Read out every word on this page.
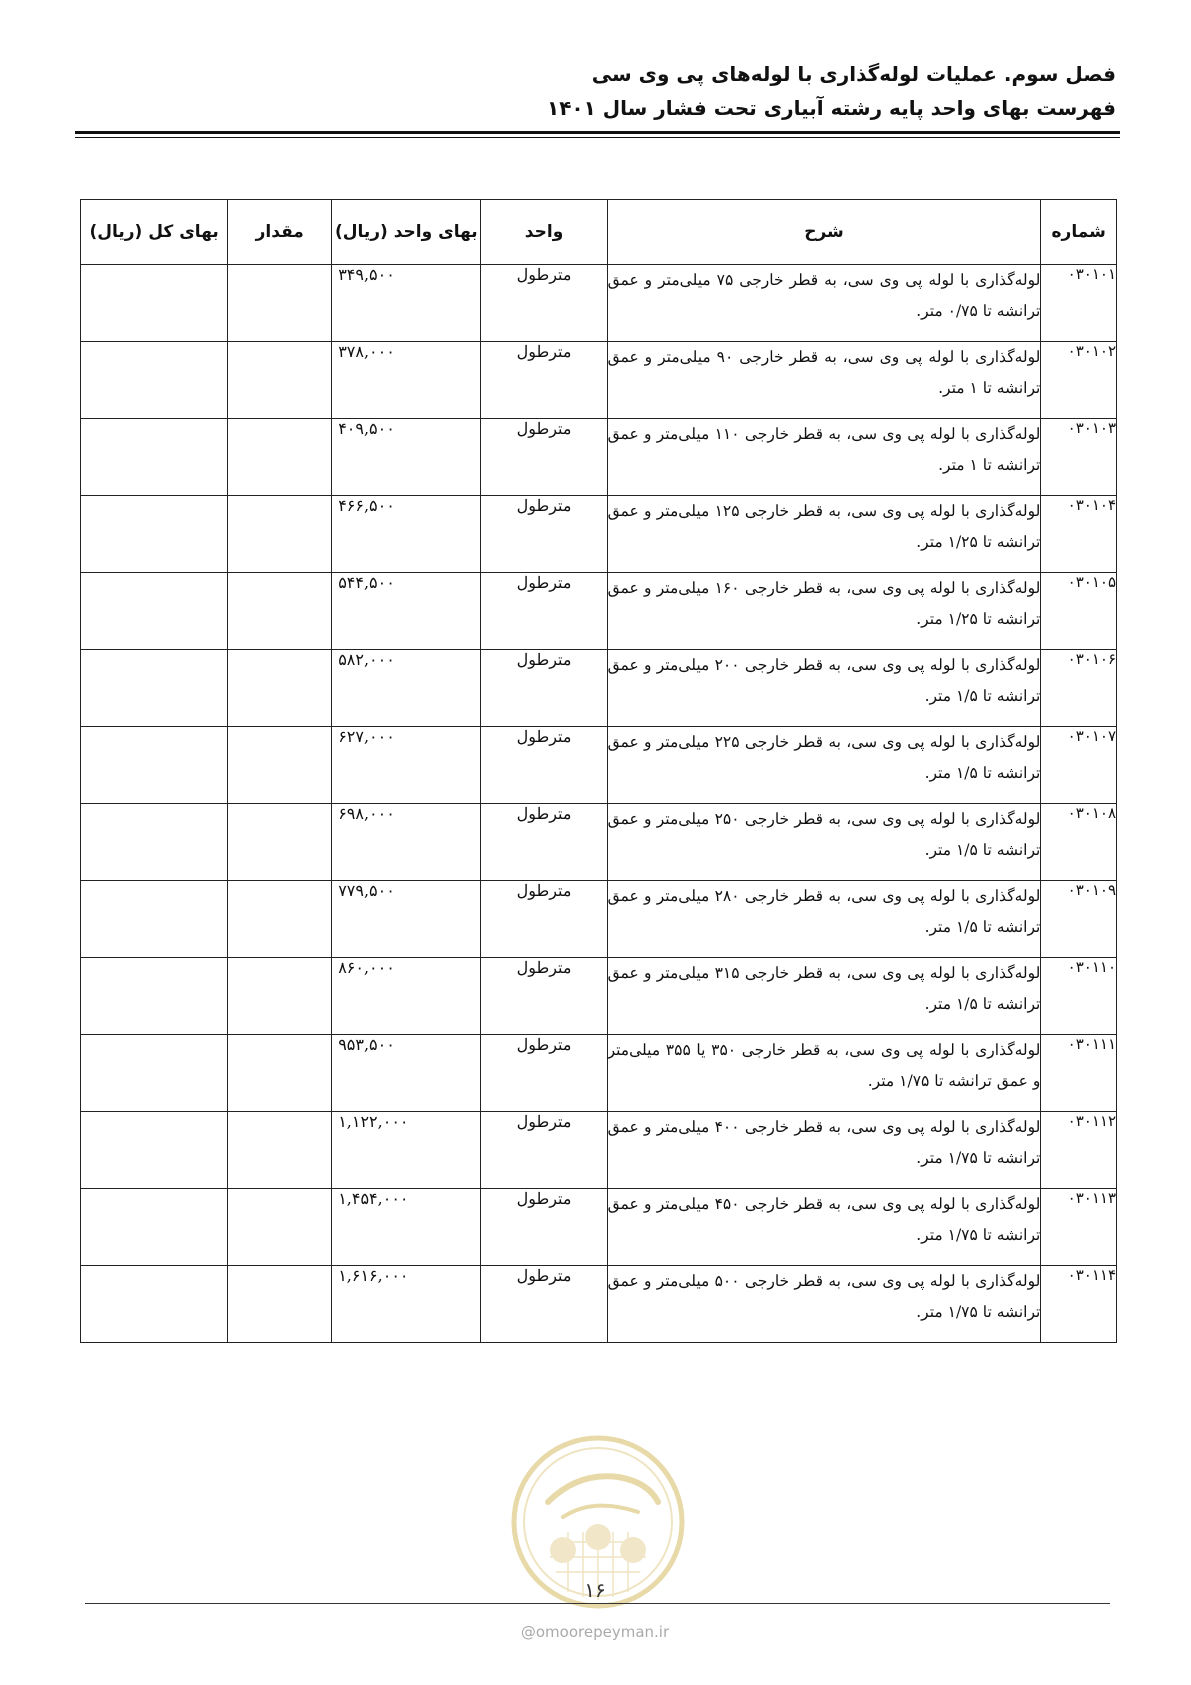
فصل سوم. عملیات لوله‌گذاری با لوله‌های پی وی سی
فهرست بهای واحد پایه رشته آبیاری تحت فشار سال ۱۴۰۱
شماره	شرح	واحد	بهای واحد (ریال)	مقدار	بهای کل (ریال)
۰۳۰۱۰۱	لوله‌گذاری با لوله پی وی سی، به قطر خارجی ۷۵ میلی‌متر و عمق ترانشه تا ۰/۷۵ متر.	مترطول	۳۴۹,۵۰۰		

۰۳۰۱۰۲	لوله‌گذاری با لوله پی وی سی، به قطر خارجی ۹۰ میلی‌متر و عمق ترانشه تا ۱ متر.	مترطول	۳۷۸,۰۰۰		

۰۳۰۱۰۳	لوله‌گذاری با لوله پی وی سی، به قطر خارجی ۱۱۰ میلی‌متر و عمق ترانشه تا ۱ متر.	مترطول	۴۰۹,۵۰۰		

۰۳۰۱۰۴	لوله‌گذاری با لوله پی وی سی، به قطر خارجی ۱۲۵ میلی‌متر و عمق ترانشه تا ۱/۲۵ متر.	مترطول	۴۶۶,۵۰۰		

۰۳۰۱۰۵	لوله‌گذاری با لوله پی وی سی، به قطر خارجی ۱۶۰ میلی‌متر و عمق ترانشه تا ۱/۲۵ متر.	مترطول	۵۴۴,۵۰۰		

۰۳۰۱۰۶	لوله‌گذاری با لوله پی وی سی، به قطر خارجی ۲۰۰ میلی‌متر و عمق ترانشه تا ۱/۵ متر.	مترطول	۵۸۲,۰۰۰		

۰۳۰۱۰۷	لوله‌گذاری با لوله پی وی سی، به قطر خارجی ۲۲۵ میلی‌متر و عمق ترانشه تا ۱/۵ متر.	مترطول	۶۲۷,۰۰۰		

۰۳۰۱۰۸	لوله‌گذاری با لوله پی وی سی، به قطر خارجی ۲۵۰ میلی‌متر و عمق ترانشه تا ۱/۵ متر.	مترطول	۶۹۸,۰۰۰		

۰۳۰۱۰۹	لوله‌گذاری با لوله پی وی سی، به قطر خارجی ۲۸۰ میلی‌متر و عمق ترانشه تا ۱/۵ متر.	مترطول	۷۷۹,۵۰۰		

۰۳۰۱۱۰	لوله‌گذاری با لوله پی وی سی، به قطر خارجی ۳۱۵ میلی‌متر و عمق ترانشه تا ۱/۵ متر.	مترطول	۸۶۰,۰۰۰		

۰۳۰۱۱۱	لوله‌گذاری با لوله پی وی سی، به قطر خارجی ۳۵۰ یا ۳۵۵ میلی‌متر و عمق ترانشه تا ۱/۷۵ متر.	مترطول	۹۵۳,۵۰۰		

۰۳۰۱۱۲	لوله‌گذاری با لوله پی وی سی، به قطر خارجی ۴۰۰ میلی‌متر و عمق ترانشه تا ۱/۷۵ متر.	مترطول	۱,۱۲۲,۰۰۰		

۰۳۰۱۱۳	لوله‌گذاری با لوله پی وی سی، به قطر خارجی ۴۵۰ میلی‌متر و عمق ترانشه تا ۱/۷۵ متر.	مترطول	۱,۴۵۴,۰۰۰		

۰۳۰۱۱۴	لوله‌گذاری با لوله پی وی سی، به قطر خارجی ۵۰۰ میلی‌متر و عمق ترانشه تا ۱/۷۵ متر.	مترطول	۱,۶۱۶,۰۰۰		

۱۶
@omoorepeyman.ir
